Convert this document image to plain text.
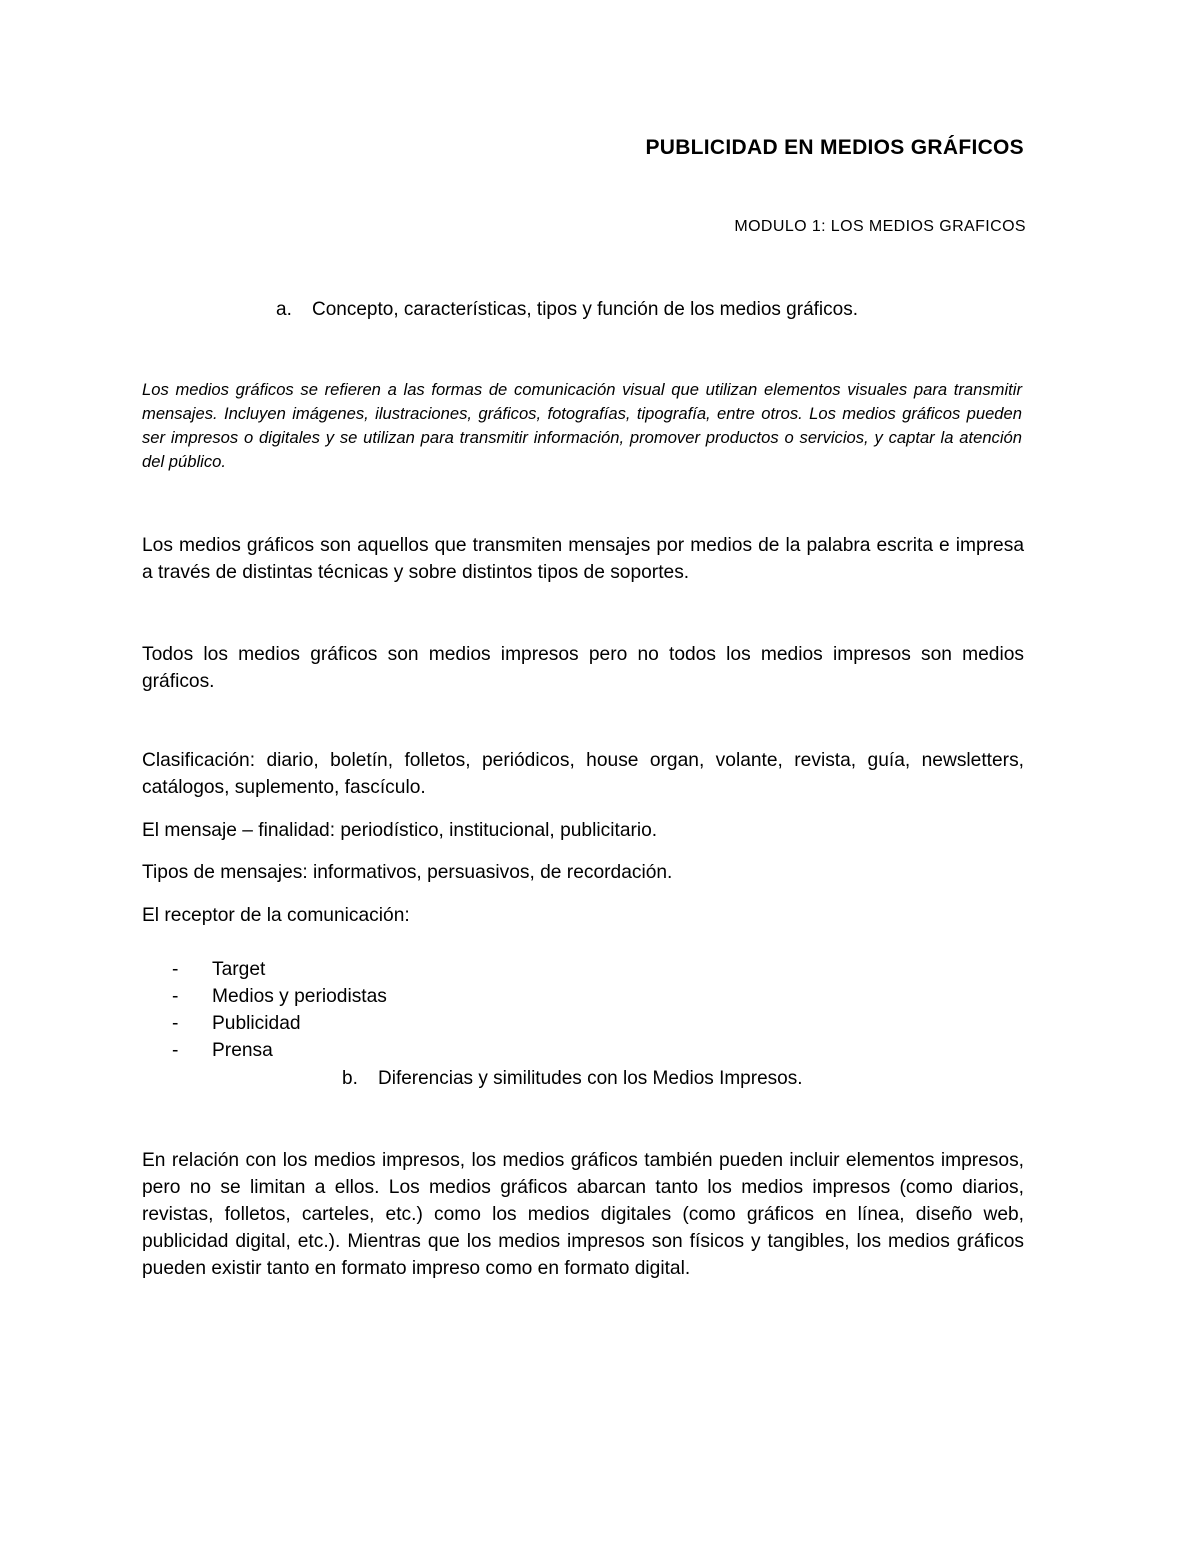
PUBLICIDAD EN MEDIOS GRÁFICOS

MODULO 1: LOS MEDIOS GRAFICOS

a. Concepto, características, tipos y función de los medios gráficos.

Los medios gráficos se refieren a las formas de comunicación visual que utilizan elementos visuales para transmitir mensajes. Incluyen imágenes, ilustraciones, gráficos, fotografías, tipografía, entre otros. Los medios gráficos pueden ser impresos o digitales y se utilizan para transmitir información, promover productos o servicios, y captar la atención del público.

Los medios gráficos son aquellos que transmiten mensajes por medios de la palabra escrita e impresa a través de distintas técnicas y sobre distintos tipos de soportes.

Todos los medios gráficos son medios impresos pero no todos los medios impresos son medios gráficos.

Clasificación: diario, boletín, folletos, periódicos, house organ, volante, revista, guía, newsletters, catálogos, suplemento, fascículo.

El mensaje – finalidad: periodístico, institucional, publicitario.

Tipos de mensajes: informativos, persuasivos, de recordación.

El receptor de la comunicación:

- Target
- Medios y periodistas
- Publicidad
- Prensa

b. Diferencias y similitudes con los Medios Impresos.

En relación con los medios impresos, los medios gráficos también pueden incluir elementos impresos, pero no se limitan a ellos. Los medios gráficos abarcan tanto los medios impresos (como diarios, revistas, folletos, carteles, etc.) como los medios digitales (como gráficos en línea, diseño web, publicidad digital, etc.). Mientras que los medios impresos son físicos y tangibles, los medios gráficos pueden existir tanto en formato impreso como en formato digital.
